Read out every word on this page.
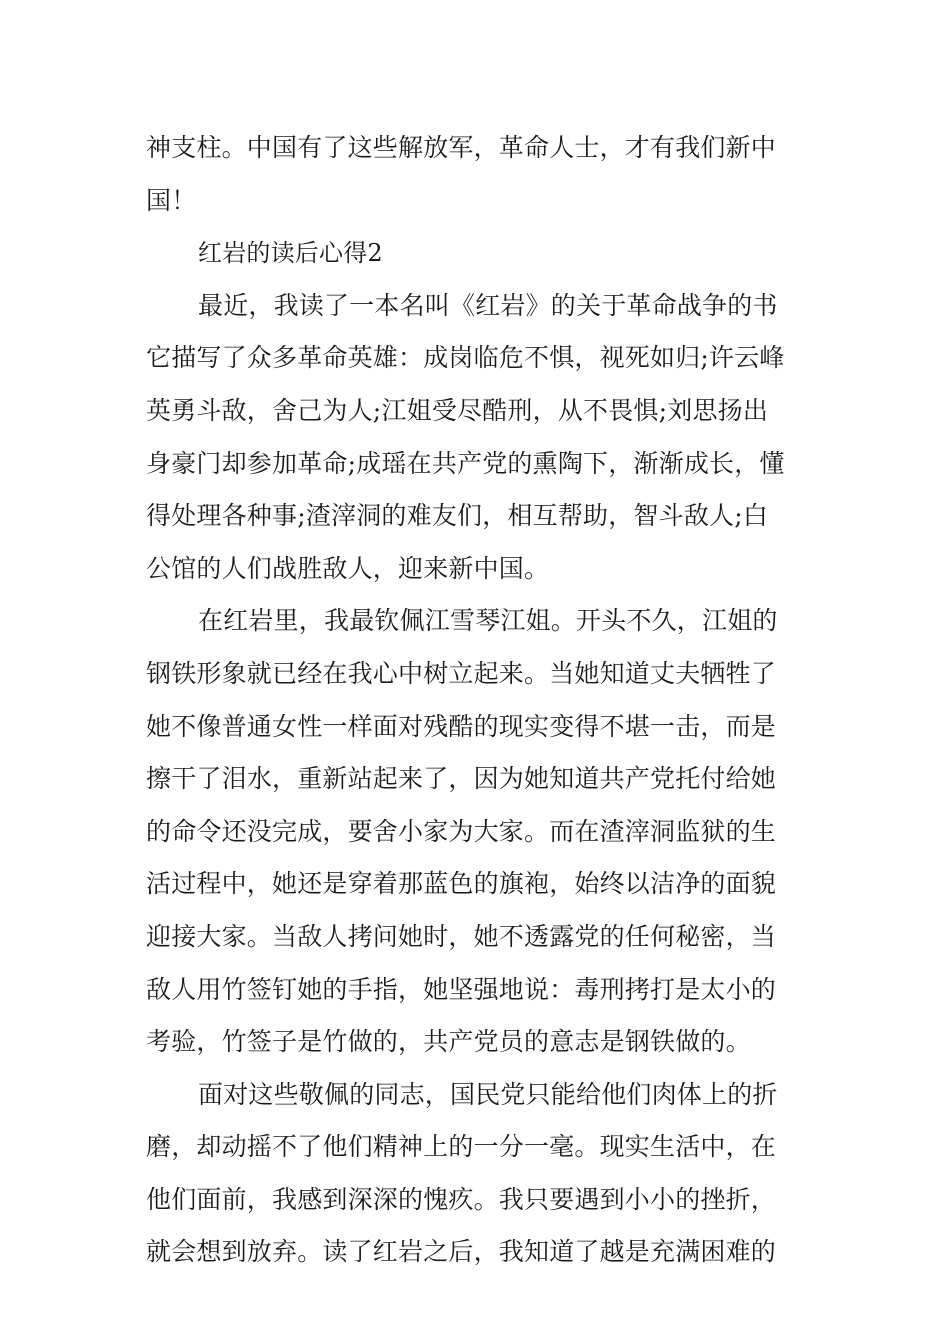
神支柱。中国有了这些解放军，革命人士，才有我们新中
国！
红岩的读后心得2
最近，我读了一本名叫《红岩》的关于革命战争的书
它描写了众多革命英雄：成岗临危不惧，视死如归;许云峰
英勇斗敌，舍己为人;江姐受尽酷刑，从不畏惧;刘思扬出
身豪门却参加革命;成瑶在共产党的熏陶下，渐渐成长，懂
得处理各种事;渣滓洞的难友们，相互帮助，智斗敌人;白
公馆的人们战胜敌人，迎来新中国。
在红岩里，我最钦佩江雪琴江姐。开头不久，江姐的
钢铁形象就已经在我心中树立起来。当她知道丈夫牺牲了
她不像普通女性一样面对残酷的现实变得不堪一击，而是
擦干了泪水，重新站起来了，因为她知道共产党托付给她
的命令还没完成，要舍小家为大家。而在渣滓洞监狱的生
活过程中，她还是穿着那蓝色的旗袍，始终以洁净的面貌
迎接大家。当敌人拷问她时，她不透露党的任何秘密，当
敌人用竹签钉她的手指，她坚强地说：毒刑拷打是太小的
考验，竹签子是竹做的，共产党员的意志是钢铁做的。
面对这些敬佩的同志，国民党只能给他们肉体上的折
磨，却动摇不了他们精神上的一分一毫。现实生活中，在
他们面前，我感到深深的愧疚。我只要遇到小小的挫折，
就会想到放弃。读了红岩之后，我知道了越是充满困难的
